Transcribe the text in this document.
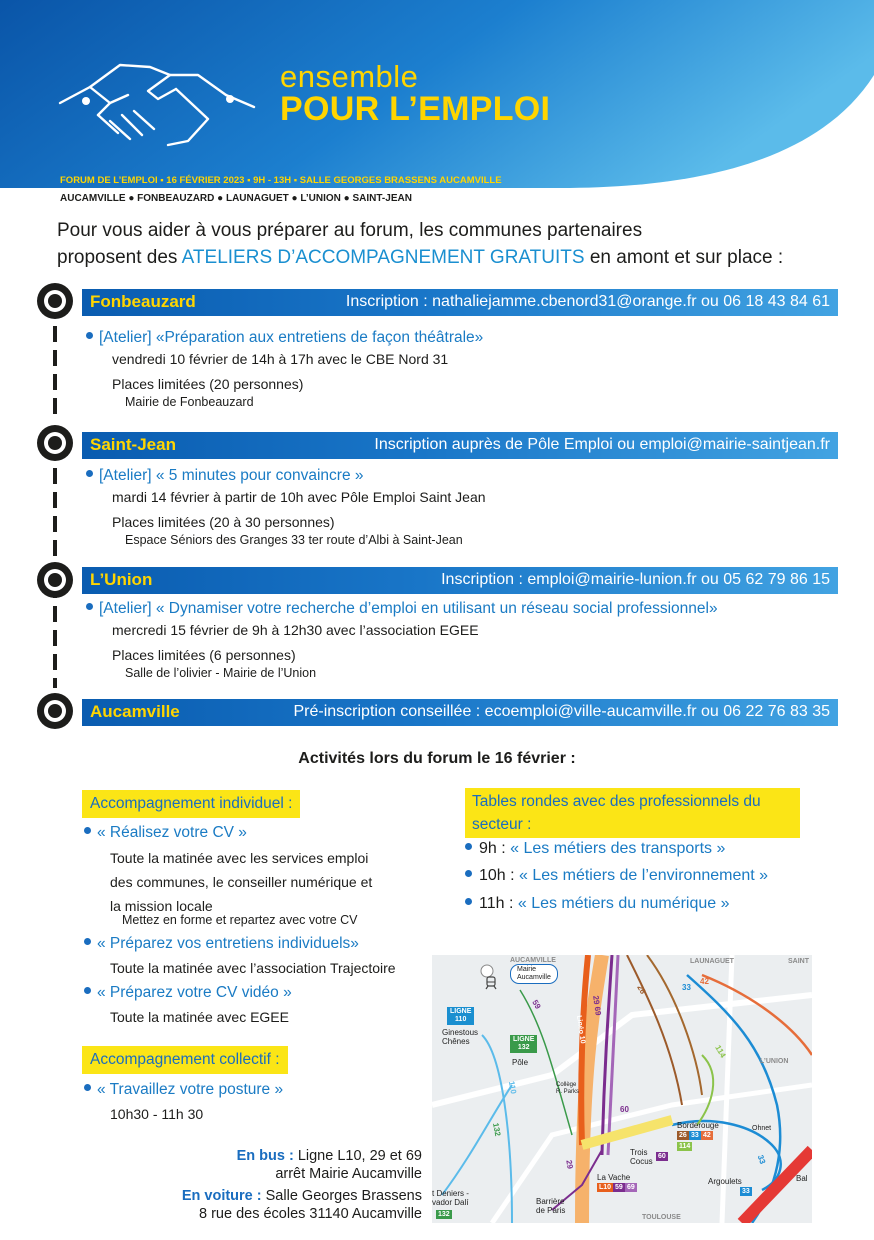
ensemble
POUR L’EMPLOI
FORUM DE L’EMPLOI ▪ 16 FÉVRIER 2023 ▪ 9H - 13H ▪ SALLE GEORGES BRASSENS AUCAMVILLE
AUCAMVILLE ● FONBEAUZARD ● LAUNAGUET ● L’UNION ● SAINT-JEAN
Pour vous aider à vous préparer au forum, les communes partenaires
proposent des ATELIERS D’ACCOMPAGNEMENT GRATUITS en amont et sur place :
Fonbeauzard	Inscription : nathaliejamme.cbenord31@orange.fr ou 06 18 43 84 61
[Atelier] «Préparation aux entretiens de façon théâtrale»
vendredi 10 février de 14h à 17h avec le CBE Nord 31
Places limitées (20 personnes)
Mairie de Fonbeauzard
Saint-Jean	Inscription auprès de Pôle Emploi ou emploi@mairie-saintjean.fr
[Atelier] « 5 minutes pour convaincre »
mardi 14 février à partir de 10h avec Pôle Emploi Saint Jean
Places limitées (20 à 30 personnes)
Espace Séniors des Granges 33 ter route d’Albi à Saint-Jean
L’Union	Inscription : emploi@mairie-lunion.fr ou 05 62 79 86 15
[Atelier] « Dynamiser votre recherche d’emploi en utilisant un réseau social professionnel»
mercredi 15 février de 9h à 12h30 avec l’association EGEE
Places limitées (6 personnes)
Salle de l’olivier - Mairie de l’Union
Aucamville	Pré-inscription conseillée : ecoemploi@ville-aucamville.fr ou 06 22 76 83 35
Activités lors du forum le 16 février :
Accompagnement individuel :
« Réalisez votre CV »
Toute la matinée avec les services emploi
des communes, le conseiller numérique et
la mission locale
Mettez en forme et repartez avec votre CV
« Préparez vos entretiens individuels»
Toute la matinée avec l’association Trajectoire
« Préparez votre CV vidéo »
Toute la matinée avec EGEE
Accompagnement collectif :
« Travaillez votre posture »
10h30 - 11h 30
Tables rondes avec des professionnels du
secteur :
9h : « Les métiers des transports »
10h : « Les métiers de l’environnement »
11h : « Les métiers du numérique »
En bus : Ligne L10, 29 et 69
arrêt Mairie Aucamville
En voiture : Salle Georges Brassens
8 rue des écoles 31140 Aucamville
AUCAMVILLE	LAUNAGUET	SAINT
L’UNION
TOULOUSE
Mairie
Aucamville
LIGNE
110
Ginestous
Chênes	LIGNE
132
Pôle
Collège
R. Parks
Linéo 10
Borderouge
Trois
Cocus
La Vache	Argoulets
Ohnet
Barrière
de Paris
t Deniers -
vador Dalí
Bal
59	29 69
26	33
42
114
110
132
60
29	33
26 33 42
114
L10 59 69
60
33
132
